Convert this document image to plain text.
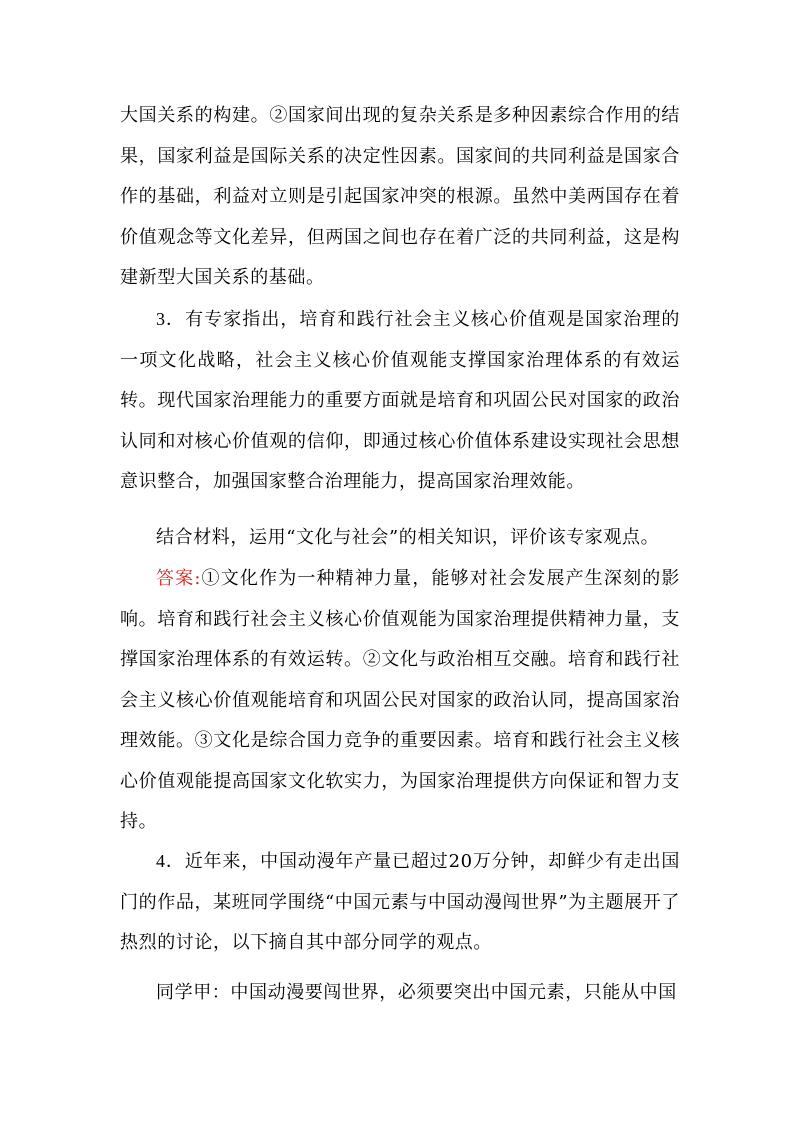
大国关系的构建。②国家间出现的复杂关系是多种因素综合作用的结果，国家利益是国际关系的决定性因素。国家间的共同利益是国家合作的基础，利益对立则是引起国家冲突的根源。虽然中美两国存在着价值观念等文化差异，但两国之间也存在着广泛的共同利益，这是构建新型大国关系的基础。

3．有专家指出，培育和践行社会主义核心价值观是国家治理的一项文化战略，社会主义核心价值观能支撑国家治理体系的有效运转。现代国家治理能力的重要方面就是培育和巩固公民对国家的政治认同和对核心价值观的信仰，即通过核心价值体系建设实现社会思想意识整合，加强国家整合治理能力，提高国家治理效能。

结合材料，运用“文化与社会”的相关知识，评价该专家观点。

答案:①文化作为一种精神力量，能够对社会发展产生深刻的影响。培育和践行社会主义核心价值观能为国家治理提供精神力量，支撑国家治理体系的有效运转。②文化与政治相互交融。培育和践行社会主义核心价值观能培育和巩固公民对国家的政治认同，提高国家治理效能。③文化是综合国力竞争的重要因素。培育和践行社会主义核心价值观能提高国家文化软实力，为国家治理提供方向保证和智力支持。

4．近年来，中国动漫年产量已超过20万分钟，却鲜少有走出国门的作品，某班同学围绕“中国元素与中国动漫闯世界”为主题展开了热烈的讨论，以下摘自其中部分同学的观点。

同学甲：中国动漫要闯世界，必须要突出中国元素，只能从中国
